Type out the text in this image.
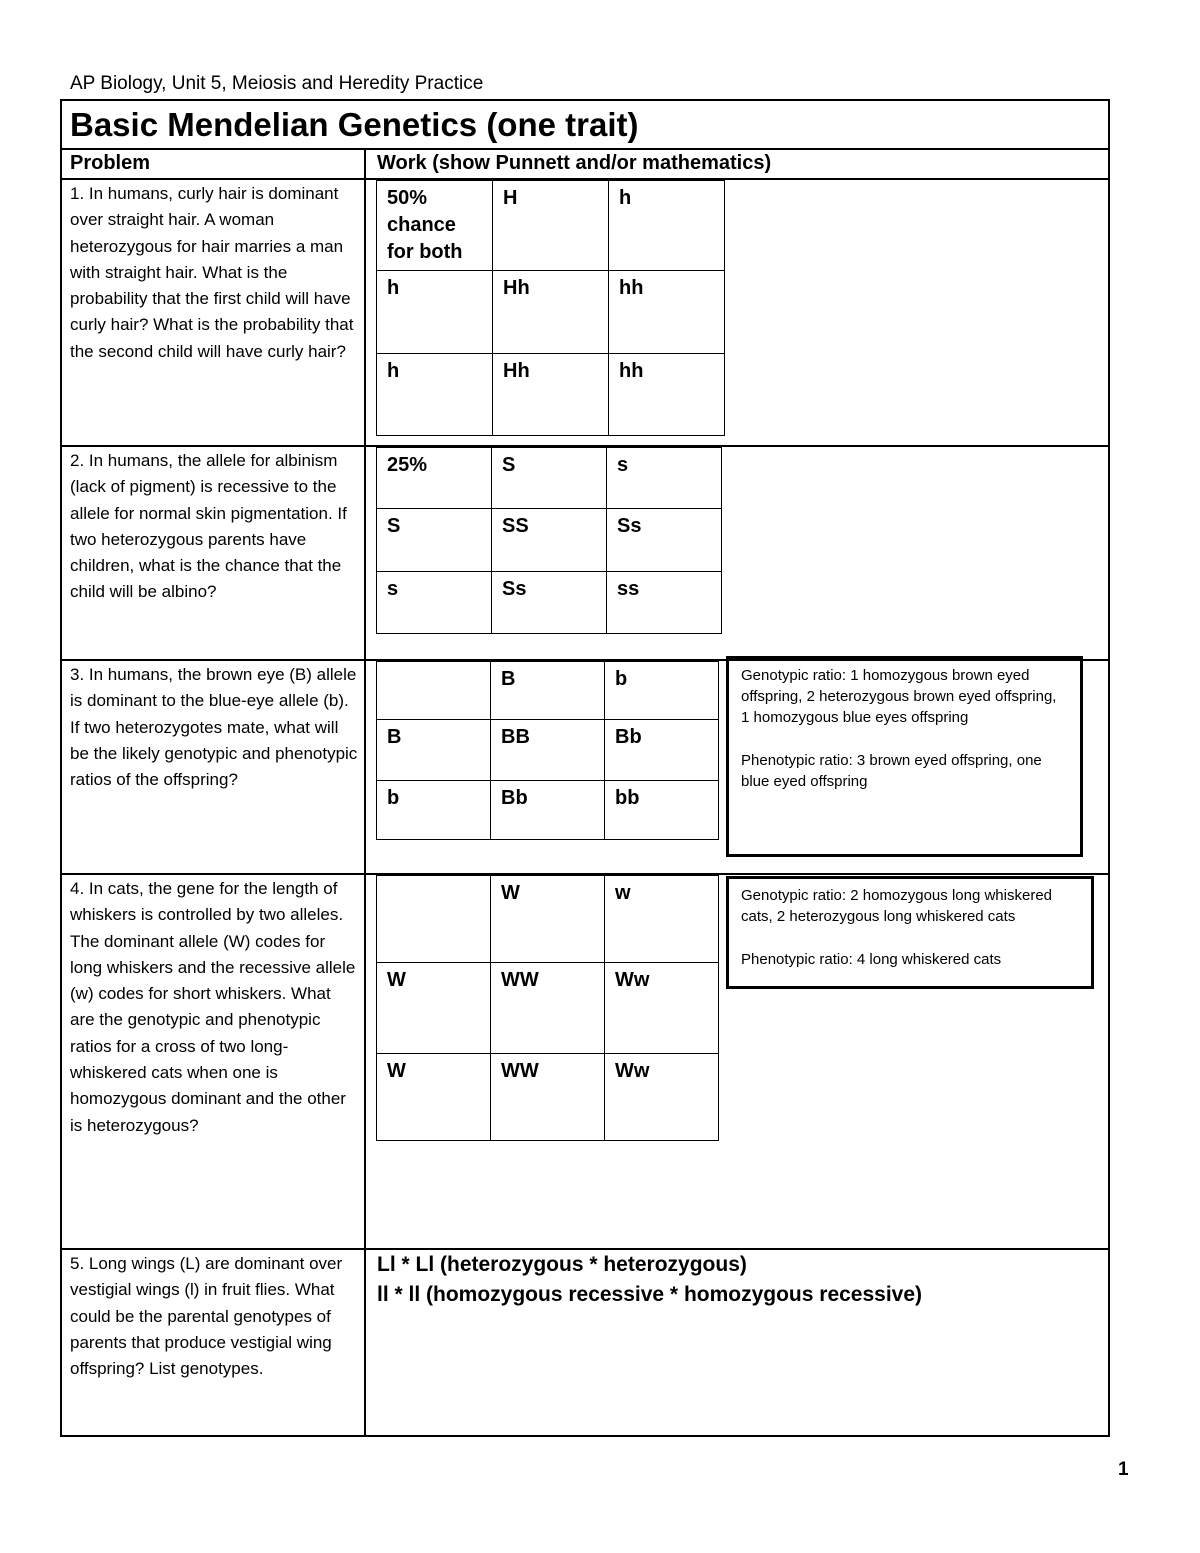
AP Biology, Unit 5, Meiosis and Heredity Practice
Basic Mendelian Genetics (one trait)
Problem	Work (show Punnett and/or mathematics)
1. In humans, curly hair is dominant over straight hair. A woman heterozygous for hair marries a man with straight hair. What is the probability that the first child will have curly hair? What is the probability that the second child will have curly hair?
50% chance for both	H	h
h	Hh	hh
h	Hh	hh
2. In humans, the allele for albinism (lack of pigment) is recessive to the allele for normal skin pigmentation. If two heterozygous parents have children, what is the chance that the child will be albino?
25%	S	s
S	SS	Ss
s	Ss	ss
3. In humans, the brown eye (B) allele is dominant to the blue-eye allele (b). If two heterozygotes mate, what will be the likely genotypic and phenotypic ratios of the offspring?
	B	b
B	BB	Bb
b	Bb	bb

Genotypic ratio: 1 homozygous brown eyed offspring, 2 heterozygous brown eyed offspring, 1 homozygous blue eyes offspring

Phenotypic ratio: 3 brown eyed offspring, one blue eyed offspring

4. In cats, the gene for the length of whiskers is controlled by two alleles. The dominant allele (W) codes for long whiskers and the recessive allele (w) codes for short whiskers. What are the genotypic and phenotypic ratios for a cross of two long-whiskered cats when one is homozygous dominant and the other is heterozygous?
	W	w
W	WW	Ww
W	WW	Ww

Genotypic ratio: 2 homozygous long whiskered cats, 2 heterozygous long whiskered cats

Phenotypic ratio: 4 long whiskered cats

5. Long wings (L) are dominant over vestigial wings (l) in fruit flies. What could be the parental genotypes of parents that produce vestigial wing offspring? List genotypes.
Ll * Ll (heterozygous * heterozygous)
ll * ll (homozygous recessive * homozygous recessive)
1
